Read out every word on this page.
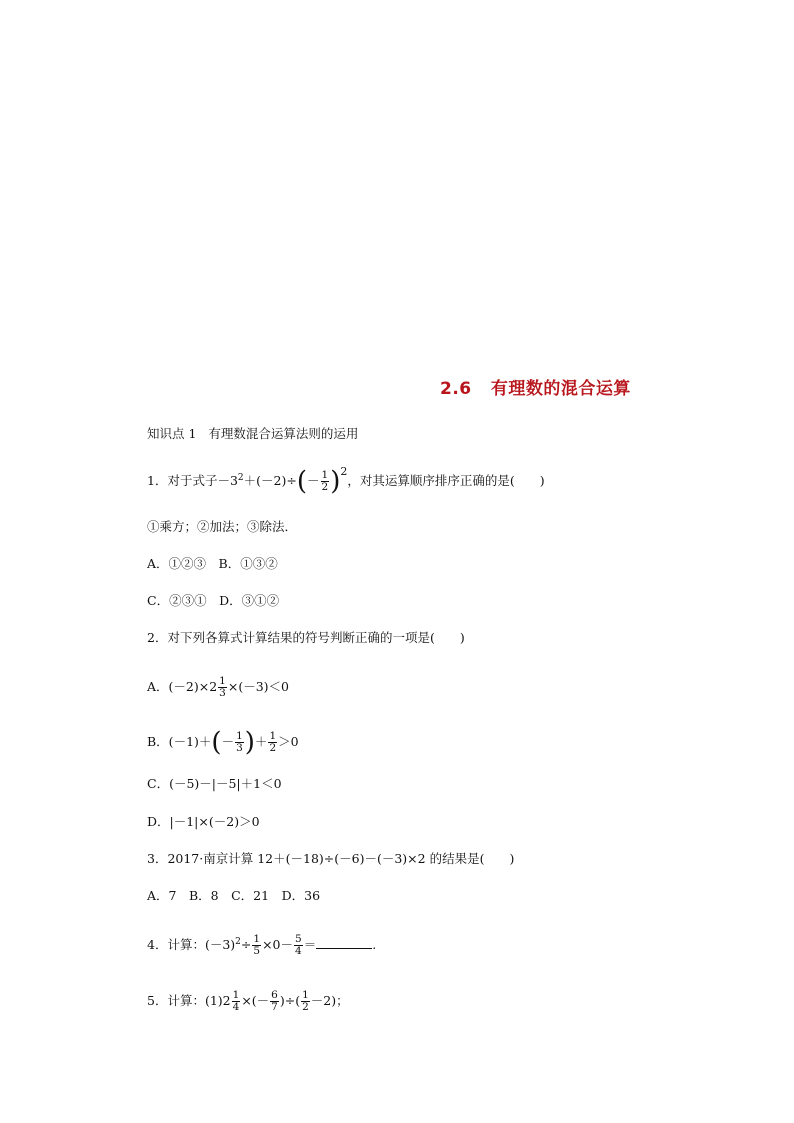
2.6 有理数的混合运算
知识点 1 有理数混合运算法则的运用
1．对于式子$-3^2+(-2)\div(- \frac{1}{2} )2$，对其运算顺序排序正确的是(　　)
①乘方；②加法；③除法．
A．①②③　B．①③②
C．②③①　D．③①②
2．对下列各算式计算结果的符号判断正确的一项是(　　)
A．$(-2)\times 2 \frac{1}{3} \times(-3)<0$
B．$(-1)+(- \frac{1}{3}$ )＋ $\frac{1}{2} >0$
C．(－5)－|－5|＋1＜0
D．|－1|×(－2)＞0
3．2017·南京计算 12＋(－18)÷(－6)－(－3)×2 的结果是(　　)
A．7　B．8　C．21　D．36
4．计算：$(-3)^2\div \frac{1}{5} \times 0- \frac{5}{4}$ ＝	.
5．计算：$(1)2 \frac{1}{4}$ ×(－ $\frac{6}{7}$ )÷( $\frac{1}{2} -2$)；
